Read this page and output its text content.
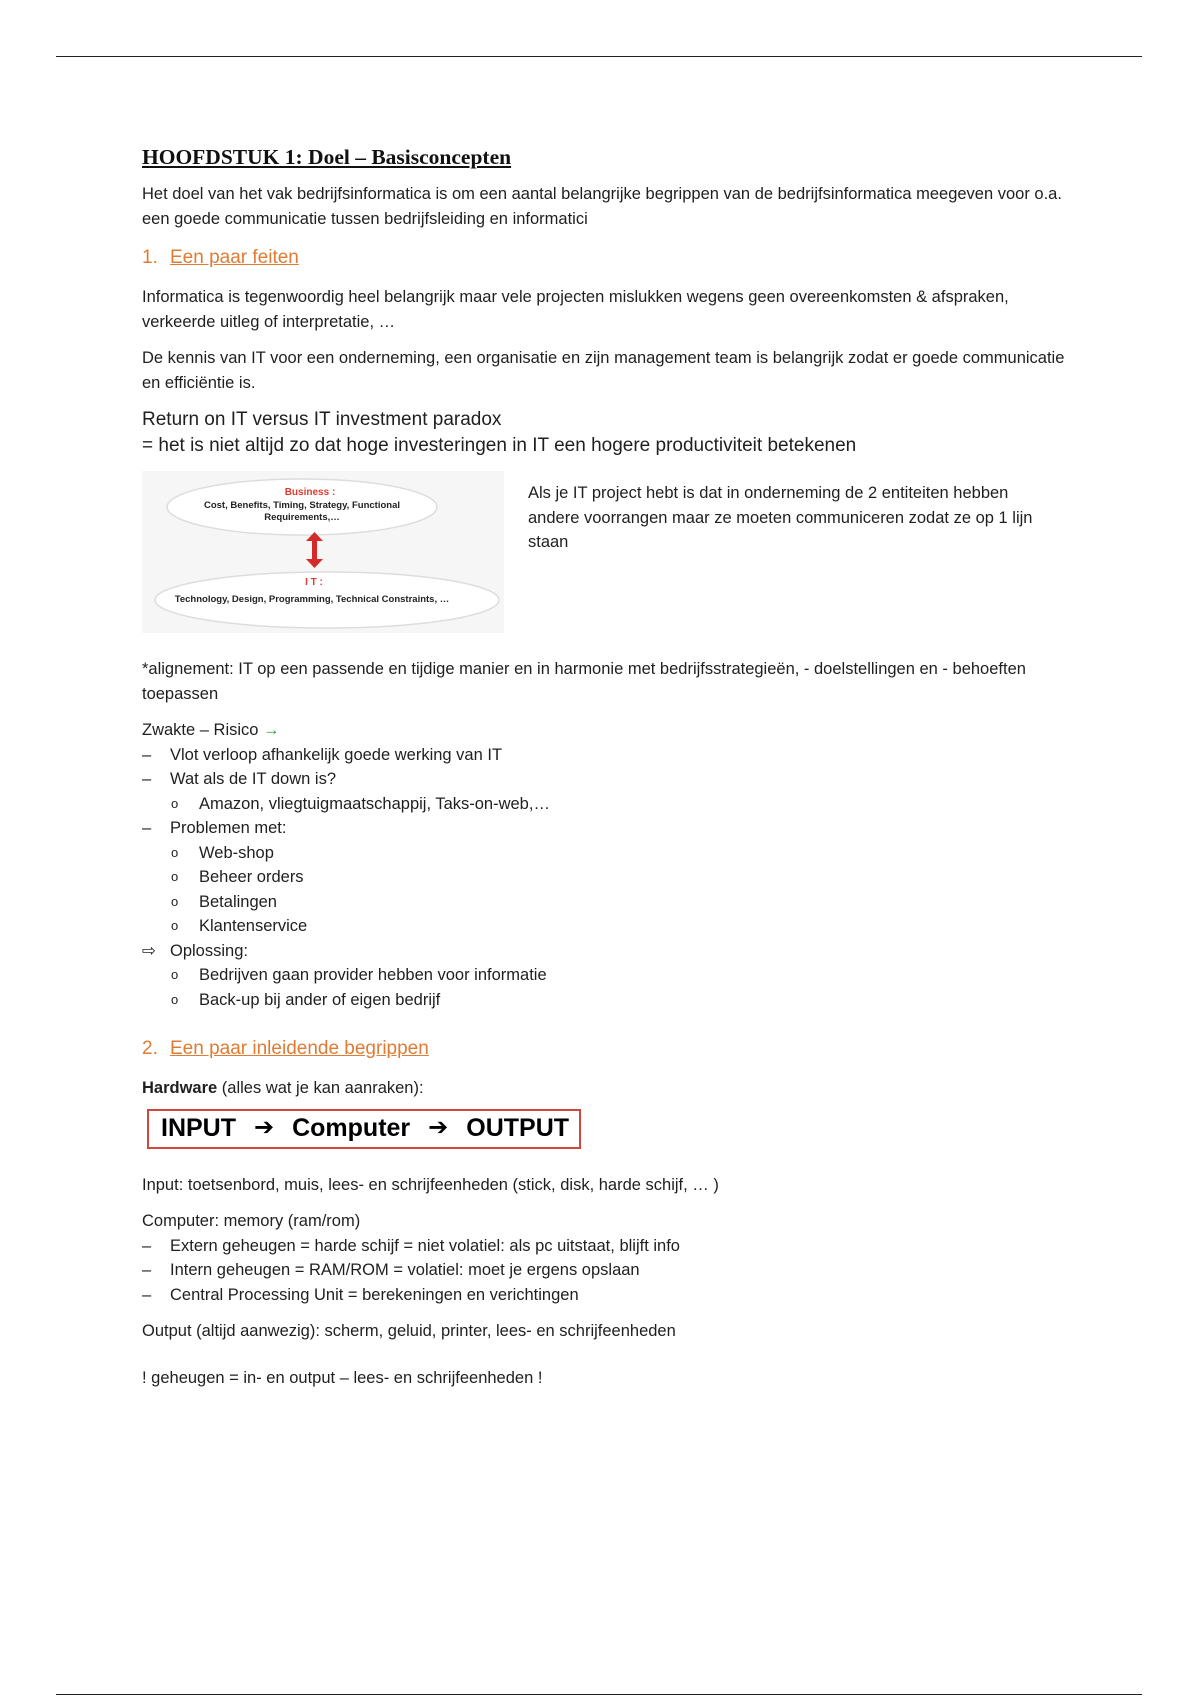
HOOFDSTUK 1: Doel – Basisconcepten

Het doel van het vak bedrijfsinformatica is om een aantal belangrijke begrippen van de bedrijfsinformatica meegeven voor o.a. een goede communicatie tussen bedrijfsleiding en informatici

1. Een paar feiten

Informatica is tegenwoordig heel belangrijk maar vele projecten mislukken wegens geen overeenkomsten & afspraken, verkeerde uitleg of interpretatie, …

De kennis van IT voor een onderneming, een organisatie en zijn management team is belangrijk zodat er goede communicatie en efficiëntie is.

Return on IT versus IT investment paradox

= het is niet altijd zo dat hoge investeringen in IT een hogere productiviteit betekenen

Business :
Cost, Benefits, Timing, Strategy, Functional
Requirements,…
I T :
Technology, Design, Programming, Technical Constraints, …
Als je IT project hebt is dat in onderneming de 2 entiteiten hebben andere voorrangen maar ze moeten communiceren zodat ze op 1 lijn staan

*alignement: IT op een passende en tijdige manier en in harmonie met bedrijfsstrategieën, - doelstellingen en - behoeften toepassen

Zwakte – Risico →

– Vlot verloop afhankelijk goede werking van IT
– Wat als de IT down is?
o Amazon, vliegtuigmaatschappij, Taks-on-web,…
– Problemen met:
o Web-shop
o Beheer orders
o Betalingen
o Klantenservice
⇨ Oplossing:
o Bedrijven gaan provider hebben voor informatie
o Back-up bij ander of eigen bedrijf
2. Een paar inleidende begrippen

Hardware (alles wat je kan aanraken):

INPUT ➔ Computer ➔ OUTPUT

Input: toetsenbord, muis, lees- en schrijfeenheden (stick, disk, harde schijf, … )

Computer: memory (ram/rom)

– Extern geheugen = harde schijf = niet volatiel: als pc uitstaat, blijft info
– Intern geheugen = RAM/ROM = volatiel: moet je ergens opslaan
– Central Processing Unit = berekeningen en verichtingen

Output (altijd aanwezig): scherm, geluid, printer, lees- en schrijfeenheden

! geheugen = in- en output – lees- en schrijfeenheden !
